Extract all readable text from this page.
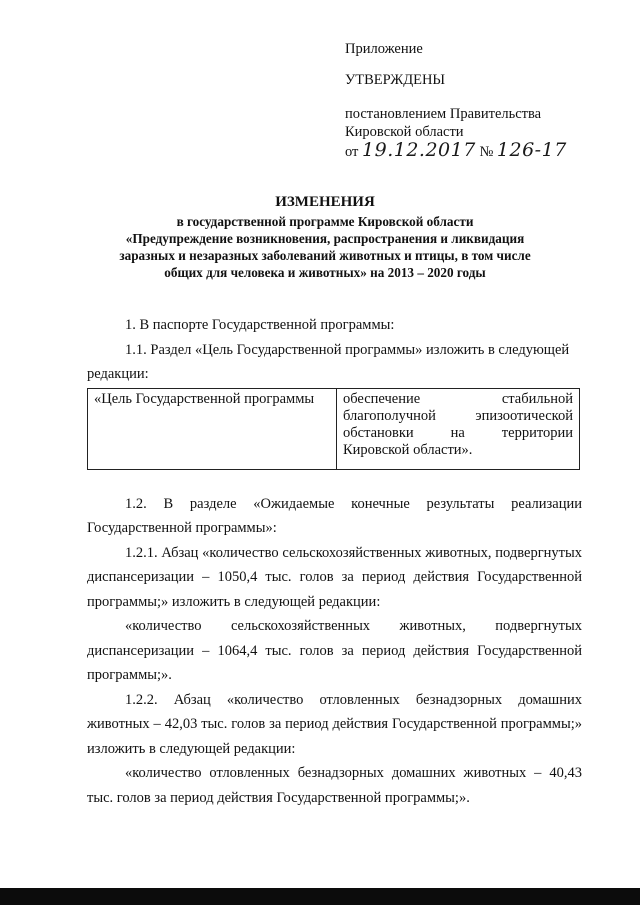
Приложение
УТВЕРЖДЕНЫ
постановлением Правительства
Кировской области
от 19.12.2017 № 126-17
ИЗМЕНЕНИЯ
в государственной программе Кировской области
«Предупреждение возникновения, распространения и ликвидация
заразных и незаразных заболеваний животных и птицы, в том числе
общих для человека и животных» на 2013 – 2020 годы

1. В паспорте Государственной программы:

1.1. Раздел «Цель Государственной программы» изложить в следующей

редакции:

«Цель Государственной программы	обеспечение стабильной благополучной эпизоотической обстановки на территории Кировской области».

1.2. В разделе «Ожидаемые конечные результаты реализации Государственной программы»:

1.2.1. Абзац «количество сельскохозяйственных животных, подвергнутых диспансеризации – 1050,4 тыс. голов за период действия Государственной программы;» изложить в следующей редакции:

«количество сельскохозяйственных животных, подвергнутых диспансеризации – 1064,4 тыс. голов за период действия Государственной программы;».

1.2.2. Абзац «количество отловленных безнадзорных домашних животных – 42,03 тыс. голов за период действия Государственной программы;» изложить в следующей редакции:

«количество отловленных безнадзорных домашних животных – 40,43 тыс. голов за период действия Государственной программы;».
